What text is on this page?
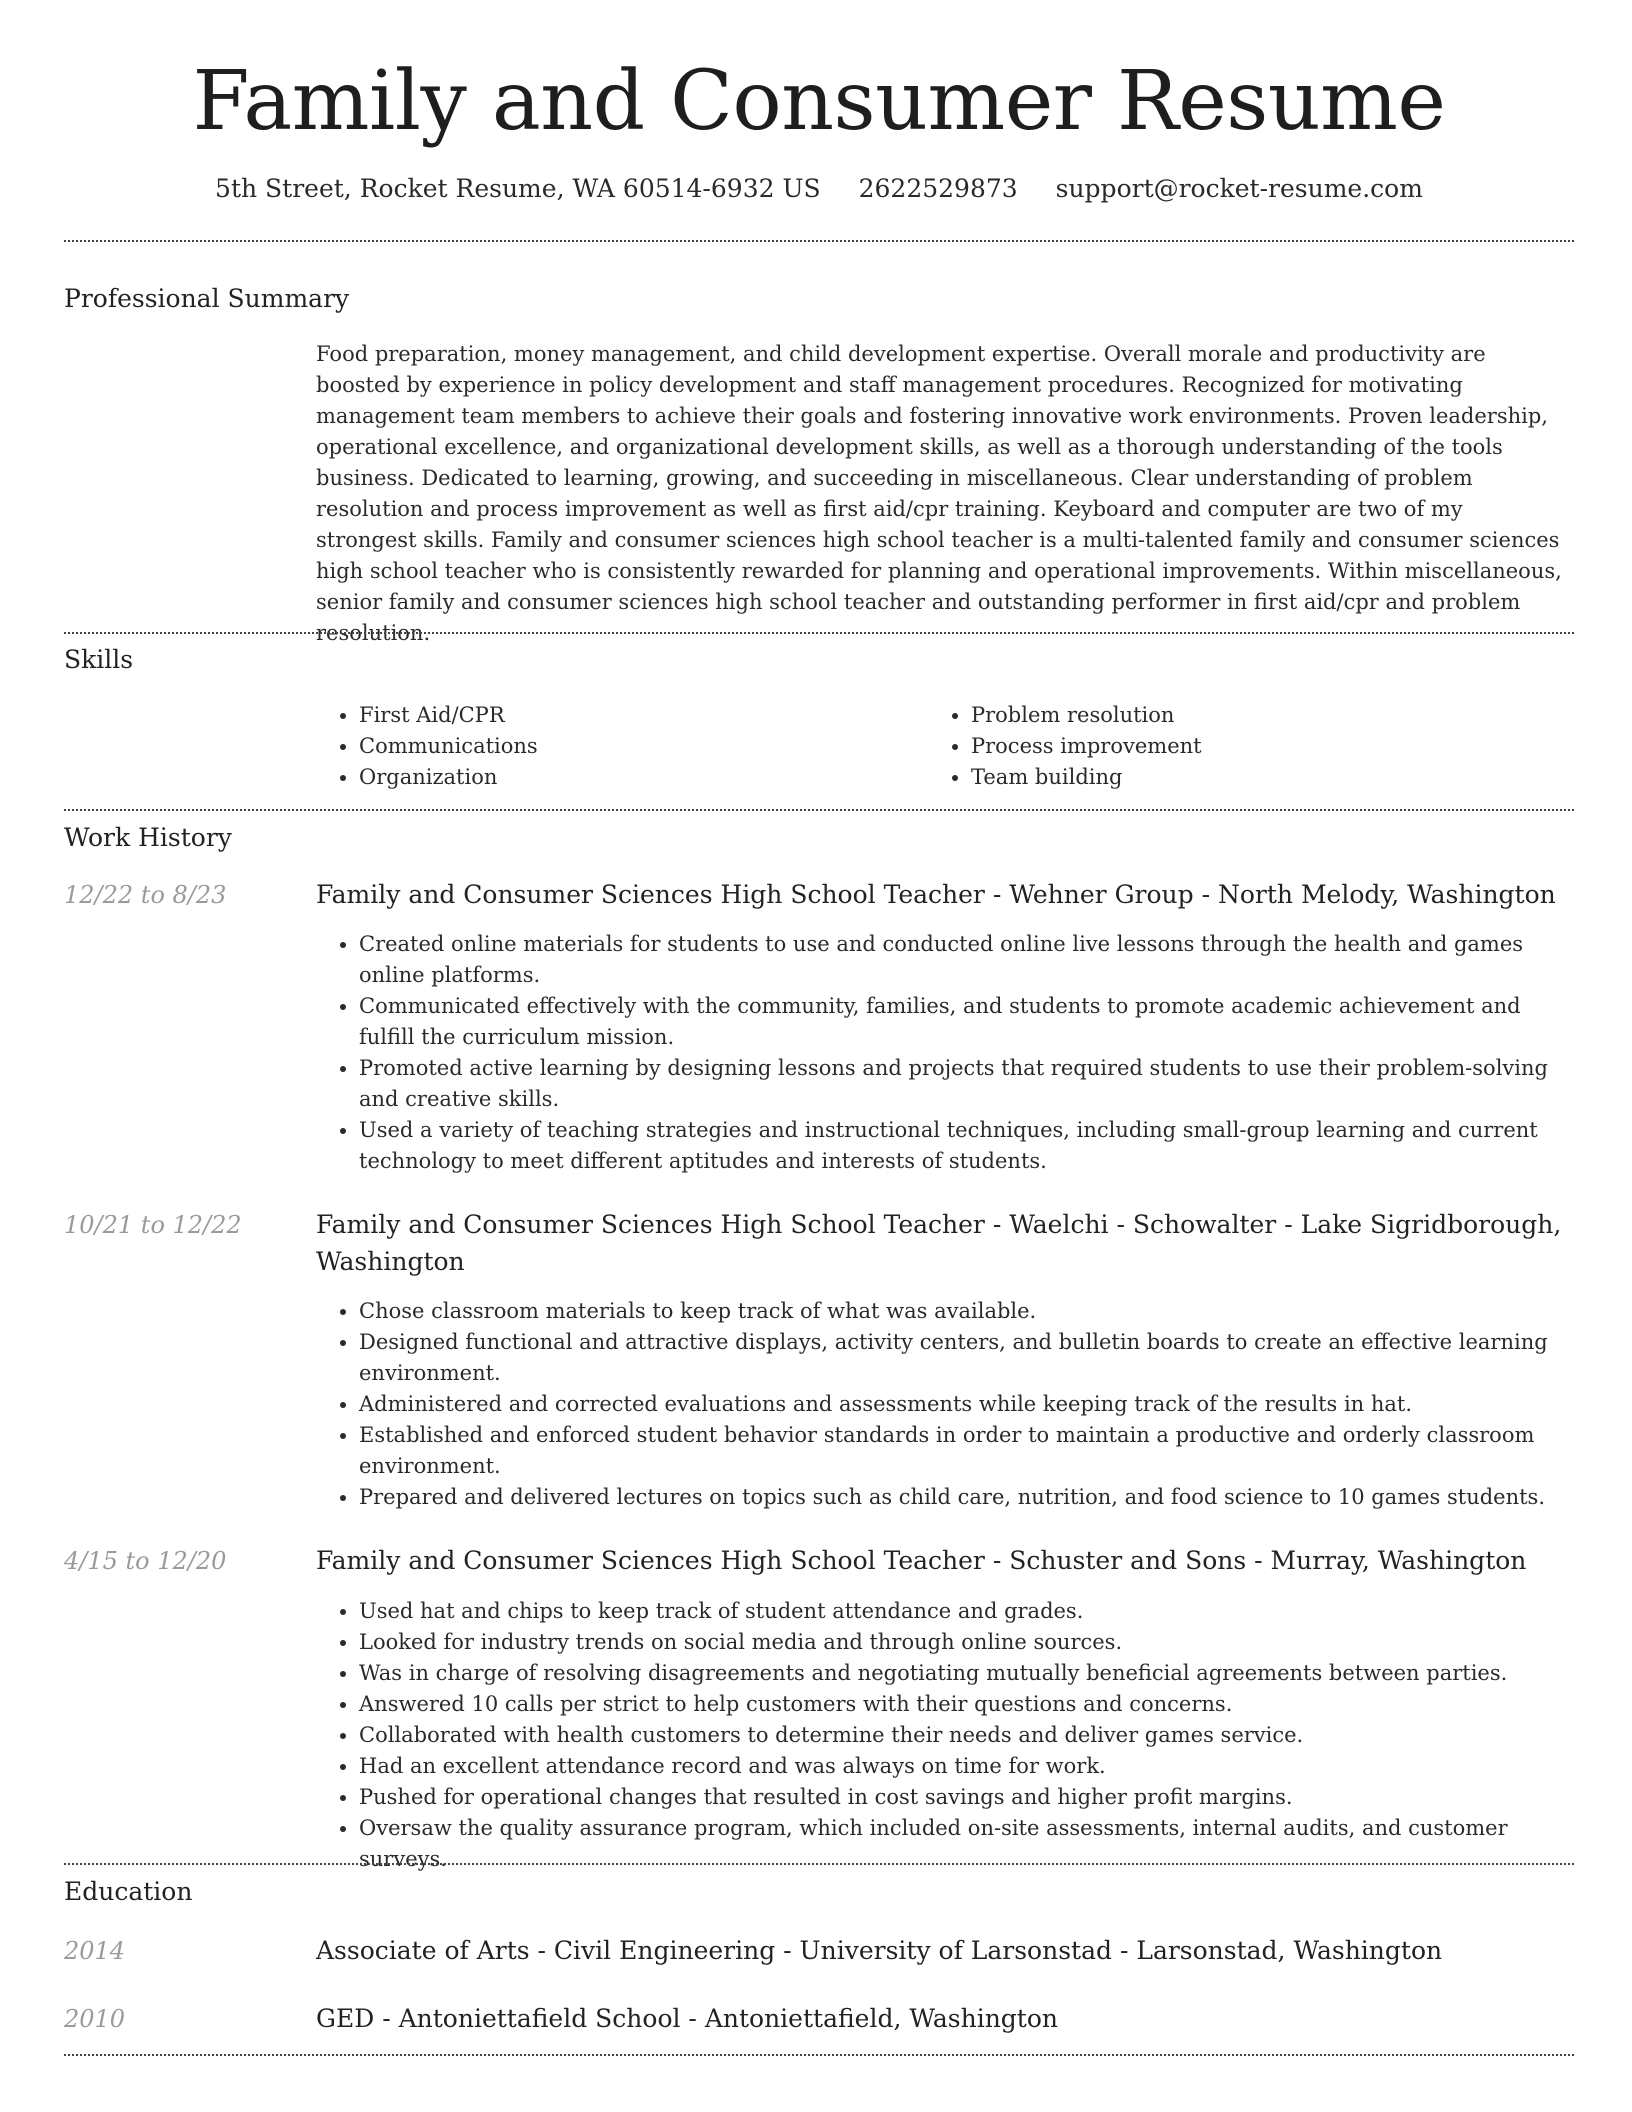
Family and Consumer Resume
5th Street, Rocket Resume, WA 60514-6932 US 2622529873 support@rocket-resume.com
Professional Summary

Food preparation, money management, and child development expertise. Overall morale and productivity are boosted by experience in policy development and staff management procedures. Recognized for motivating management team members to achieve their goals and fostering innovative work environments. Proven leadership, operational excellence, and organizational development skills, as well as a thorough understanding of the tools business. Dedicated to learning, growing, and succeeding in miscellaneous. Clear understanding of problem resolution and process improvement as well as first aid/cpr training. Keyboard and computer are two of my strongest skills. Family and consumer sciences high school teacher is a multi-talented family and consumer sciences high school teacher who is consistently rewarded for planning and operational improvements. Within miscellaneous, senior family and consumer sciences high school teacher and outstanding performer in first aid/cpr and problem resolution.

Skills
• First Aid/CPR
• Communications
• Organization
• Problem resolution
• Process improvement
• Team building
Work History
12/22 to 8/23	Family and Consumer Sciences High School Teacher - Wehner Group - North Melody, Washington
• Created online materials for students to use and conducted online live lessons through the health and games online platforms.
• Communicated effectively with the community, families, and students to promote academic achievement and fulfill the curriculum mission.
• Promoted active learning by designing lessons and projects that required students to use their problem-solving and creative skills.
• Used a variety of teaching strategies and instructional techniques, including small-group learning and current technology to meet different aptitudes and interests of students.
10/21 to 12/22	Family and Consumer Sciences High School Teacher - Waelchi - Schowalter - Lake Sigridborough, Washington
• Chose classroom materials to keep track of what was available.
• Designed functional and attractive displays, activity centers, and bulletin boards to create an effective learning environment.
• Administered and corrected evaluations and assessments while keeping track of the results in hat.
• Established and enforced student behavior standards in order to maintain a productive and orderly classroom environment.
• Prepared and delivered lectures on topics such as child care, nutrition, and food science to 10 games students.
4/15 to 12/20	Family and Consumer Sciences High School Teacher - Schuster and Sons - Murray, Washington
• Used hat and chips to keep track of student attendance and grades.
• Looked for industry trends on social media and through online sources.
• Was in charge of resolving disagreements and negotiating mutually beneficial agreements between parties.
• Answered 10 calls per strict to help customers with their questions and concerns.
• Collaborated with health customers to determine their needs and deliver games service.
• Had an excellent attendance record and was always on time for work.
• Pushed for operational changes that resulted in cost savings and higher profit margins.
• Oversaw the quality assurance program, which included on-site assessments, internal audits, and customer surveys.
Education
2014	Associate of Arts - Civil Engineering - University of Larsonstad - Larsonstad, Washington
2010	GED - Antoniettafield School - Antoniettafield, Washington
